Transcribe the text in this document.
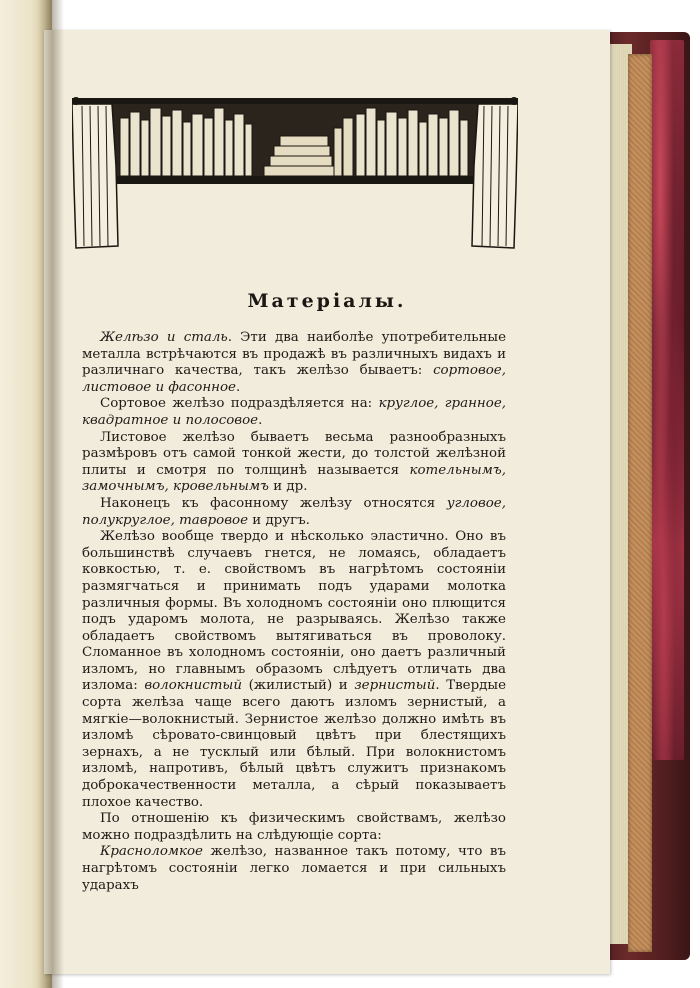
Матерiалы.

Желѣзо и сталь. Эти два наиболѣе употребительные металла встрѣчаются въ продажѣ въ различныхъ видахъ и различнаго качества, такъ желѣзо бываетъ: сортовое, листовое и фасонное.

Сортовое желѣзо подраздѣляется на: круглое, гранное, квадратное и полосовое.

Листовое желѣзо бываетъ весьма разнообразныхъ размѣровъ отъ самой тонкой жести, до толстой желѣзной плиты и смотря по толщинѣ называется котельнымъ, замочнымъ, кровельнымъ и др.

Наконецъ къ фасонному желѣзу относятся угловое, полукруглое, тавровое и другъ.

Желѣзо вообще твердо и нѣсколько эластично. Оно въ большинствѣ случаевъ гнется, не ломаясь, обладаетъ ковкостью, т. е. свойствомъ въ нагрѣтомъ состоянiи размягчаться и принимать подъ ударами молотка различныя формы. Въ холодномъ состоянiи оно плющится подъ ударомъ молота, не разрываясь. Желѣзо также обладаетъ свойствомъ вытягиваться въ проволоку. Сломанное въ холодномъ состоянiи, оно даетъ различный изломъ, но главнымъ образомъ слѣдуетъ отличать два излома: волокнистый (жилистый) и зернистый. Твердые сорта желѣза чаще всего даютъ изломъ зернистый, а мягкiе—волокнистый. Зернистое желѣзо должно имѣть въ изломѣ сѣровато-свинцовый цвѣтъ при блестящихъ зернахъ, а не тусклый или бѣлый. При волокнистомъ изломѣ, напротивъ, бѣлый цвѣтъ служитъ признакомъ доброкачественности металла, а сѣрый показываетъ плохое качество.

По отношенiю къ физическимъ свойствамъ, желѣзо можно подраздѣлить на слѣдующiе сорта:

Красноломкое желѣзо, названное такъ потому, что въ нагрѣтомъ состоянiи легко ломается и при сильныхъ ударахъ
